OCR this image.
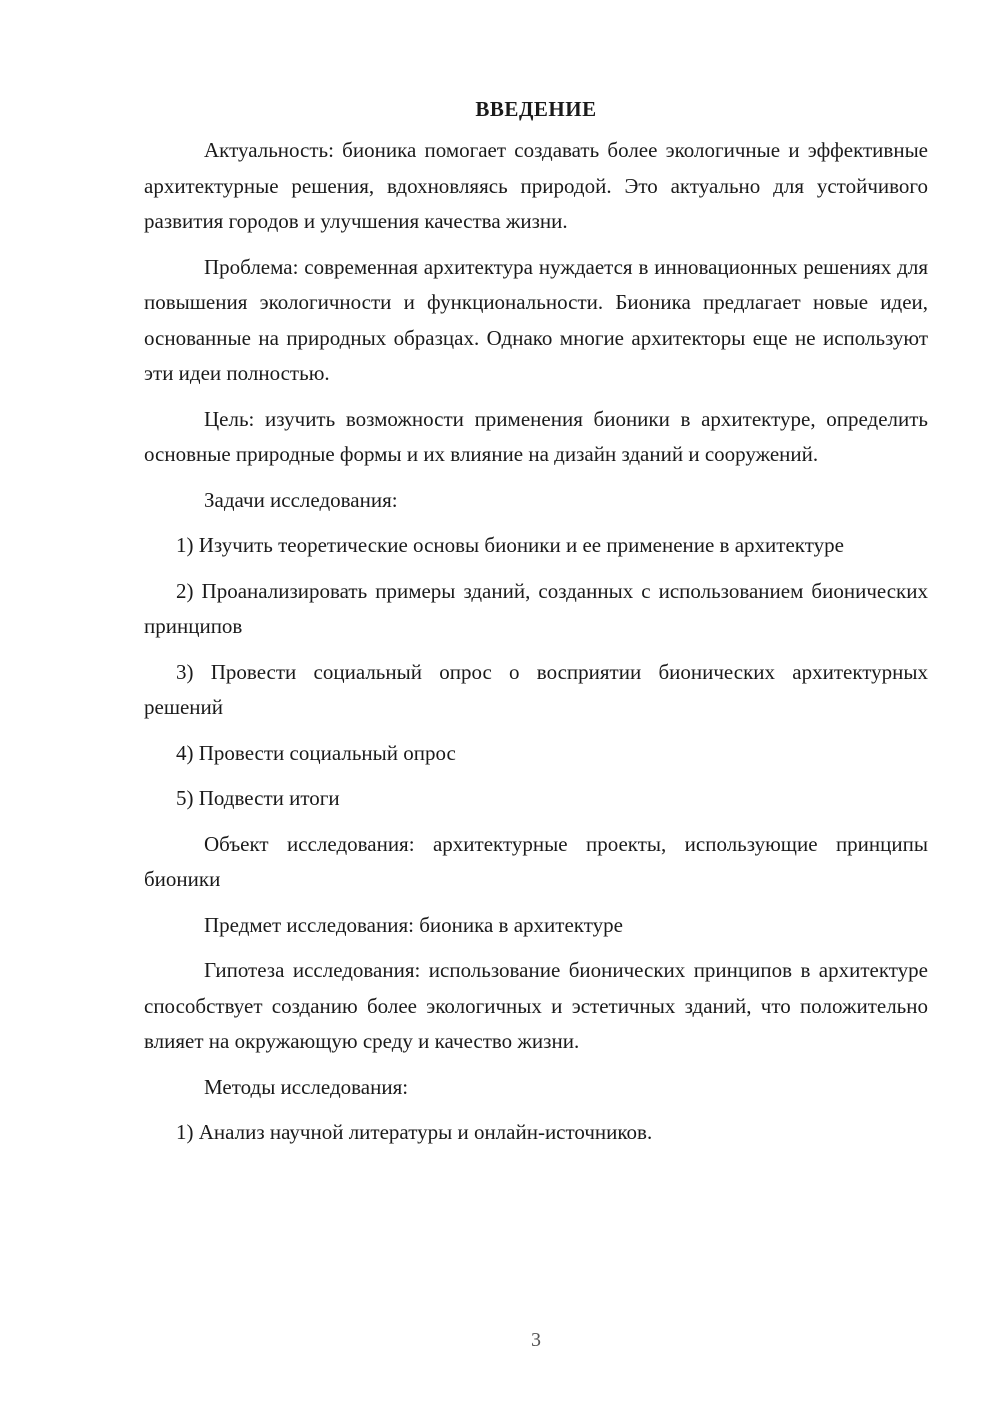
ВВЕДЕНИЕ

Актуальность: бионика помогает создавать более экологичные и эффективные архитектурные решения, вдохновляясь природой. Это актуально для устойчивого развития городов и улучшения качества жизни.

Проблема: современная архитектура нуждается в инновационных решениях для повышения экологичности и функциональности. Бионика предлагает новые идеи, основанные на природных образцах. Однако многие архитекторы еще не используют эти идеи полностью.

Цель: изучить возможности применения бионики в архитектуре, определить основные природные формы и их влияние на дизайн зданий и сооружений.

Задачи исследования:

1) Изучить теоретические основы бионики и ее применение в архитектуре

2) Проанализировать примеры зданий, созданных с использованием бионических принципов

3) Провести социальный опрос о восприятии бионических архитектурных решений

4) Провести социальный опрос

5) Подвести итоги

Объект исследования: архитектурные проекты, использующие принципы бионики

Предмет исследования: бионика в архитектуре

Гипотеза исследования: использование бионических принципов в архитектуре способствует созданию более экологичных и эстетичных зданий, что положительно влияет на окружающую среду и качество жизни.

Методы исследования:

1) Анализ научной литературы и онлайн-источников.

3
